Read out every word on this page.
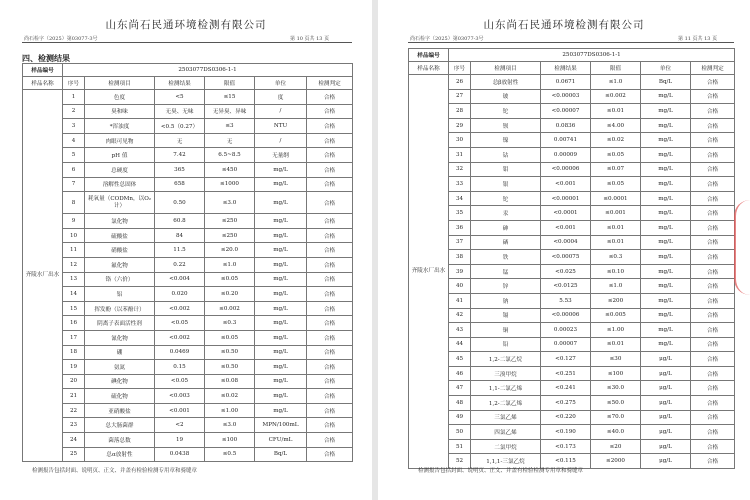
山东尚石民通环境检测有限公司
尚石检字（2025）第03077-3号	第 10 页共 13 页
四、检测结果
样品编号	2503077DS0306-1-1					
样品名称	序号	检测项目	检测结果	限值	单位	检测判定
齐陵水厂出水	1	色度	<5	≤15	度	合格
	2	臭和味	无臭、无味	无异臭、异味	/	合格
	3	*浑浊度	<0.5（0.27）	≤3	NTU	合格
	4	肉眼可见物	无	无	/	合格
	5	pH 值	7.42	6.5~8.5	无量纲	合格
	6	总硬度	365	≤450	mg/L	合格
	7	溶解性总固体	658	≤1000	mg/L	合格
	8	耗氧量（CODMn，以O₂计）	0.50	≤3.0	mg/L	合格
	9	氯化物	60.8	≤250	mg/L	合格
	10	硫酸盐	84	≤250	mg/L	合格
	11	硝酸盐	11.5	≤20.0	mg/L	合格
	12	氟化物	0.22	≤1.0	mg/L	合格
	13	铬（六价）	<0.004	≤0.05	mg/L	合格
	14	铝	0.020	≤0.20	mg/L	合格
	15	挥发酚（以苯酚计）	<0.002	≤0.002	mg/L	合格
	16	阴离子表面活性剂	<0.05	≤0.3	mg/L	合格
	17	氰化物	<0.002	≤0.05	mg/L	合格
	18	硼	0.0469	≤0.50	mg/L	合格
	19	氨氮	0.15	≤0.50	mg/L	合格
	20	碘化物	<0.05	≤0.08	mg/L	合格
	21	硫化物	<0.003	≤0.02	mg/L	合格
	22	亚硝酸盐	<0.001	≤1.00	mg/L	合格
	23	总大肠菌群	<2	≤3.0	MPN/100mL	合格
	24	菌落总数	19	≤100	CFU/mL	合格
	25	总α放射性	0.0438	≤0.5	Bq/L	合格
检测报告包括封面、说明页、正文、并盖有检验检测专用章和骑缝章
山东尚石民通环境检测有限公司
尚石检字（2025）第03077-3号	第 11 页共 13 页
样品编号	2503077DS0306-1-1					
样品名称	序号	检测项目	检测结果	限值	单位	检测判定
齐陵水厂出水	26	总β放射性	0.0671	≤1.0	Bq/L	合格
	27	铍	<0.00003	≤0.002	mg/L	合格
	28	铊	<0.00007	≤0.01	mg/L	合格
	29	钡	0.0836	≤4.00	mg/L	合格
	30	镍	0.00741	≤0.02	mg/L	合格
	31	钴	0.00009	≤0.05	mg/L	合格
	32	钼	<0.00006	≤0.07	mg/L	合格
	33	银	<0.001	≤0.05	mg/L	合格
	34	铊	<0.00001	≤0.0001	mg/L	合格
	35	汞	<0.0001	≤0.001	mg/L	合格
	36	砷	<0.001	≤0.01	mg/L	合格
	37	硒	<0.0004	≤0.01	mg/L	合格
	38	铁	<0.00075	≤0.3	mg/L	合格
	39	锰	<0.025	≤0.10	mg/L	合格
	40	锌	<0.0125	≤1.0	mg/L	合格
	41	钠	5.53	≤200	mg/L	合格
	42	镉	<0.00006	≤0.005	mg/L	合格
	43	铜	0.00023	≤1.00	mg/L	合格
	44	铅	0.00007	≤0.01	mg/L	合格
	45	1,2-二氯乙烷	<0.127	≤30	μg/L	合格
	46	三溴甲烷	<0.251	≤100	μg/L	合格
	47	1,1-二氯乙烯	<0.241	≤30.0	μg/L	合格
	48	1,2-二氯乙烯	<0.275	≤50.0	μg/L	合格
	49	三氯乙烯	<0.220	≤70.0	μg/L	合格
	50	四氯乙烯	<0.190	≤40.0	μg/L	合格
	51	二氯甲烷	<0.173	≤20	μg/L	合格
	52	1,1,1-三氯乙烷	<0.115	≤2000	μg/L	合格
检测报告包括封面、说明页、正文、并盖有检验检测专用章和骑缝章
